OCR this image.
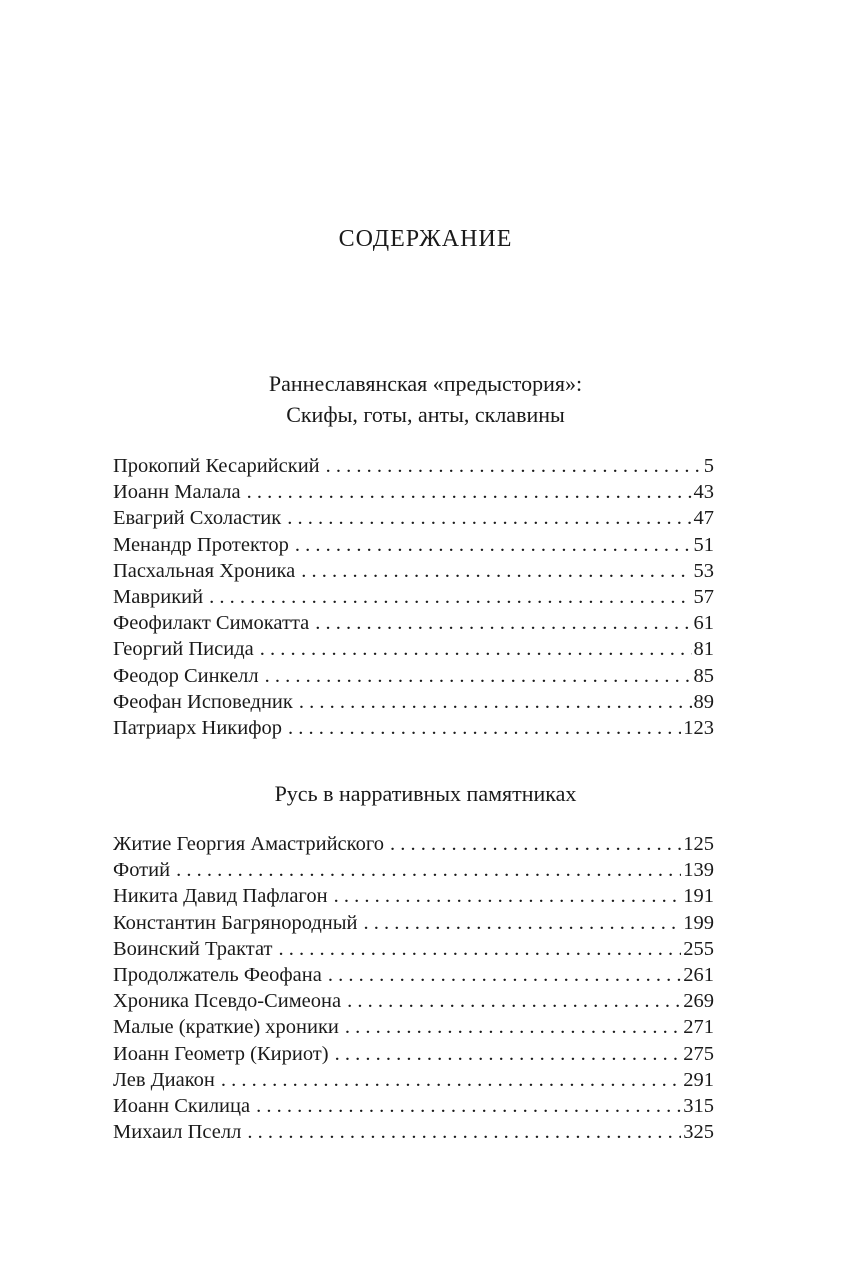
СОДЕРЖАНИЕ
Раннеславянская «предыстория»:
Скифы, готы, анты, склавины
Прокопий Кесарийский . . .	5
Иоанн Малала . . .	43
Евагрий Схоластик . . .	47
Менандр Протектор . . .	51
Пасхальная Хроника . . .	53
Маврикий . . .	57
Феофилакт Симокатта . . .	61
Георгий Писида . . .	81
Феодор Синкелл . . .	85
Феофан Исповедник . . .	89
Патриарх Никифор . . .	123
Русь в нарративных памятниках
Житие Георгия Амастрийского . . .	125
Фотий . . .	139
Никита Давид Пафлагон . . .	191
Константин Багрянородный . . .	199
Воинский Трактат . . .	255
Продолжатель Феофана . . .	261
Хроника Псевдо-Симеона . . .	269
Малые (краткие) хроники . . .	271
Иоанн Геометр (Кириот) . . .	275
Лев Диакон . . .	291
Иоанн Скилица . . .	315
Михаил Пселл . . .	325
